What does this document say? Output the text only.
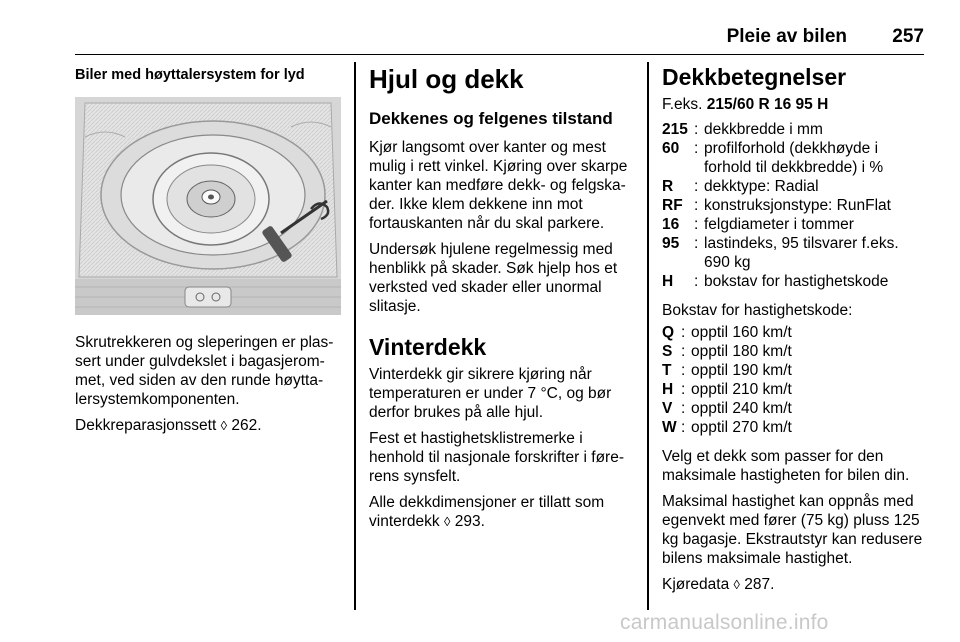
Pleie av bilen 257
Biler med høyttalersystem for lyd

Skrutrekkeren og sleperingen er plas-sert under gulvdekslet i bagasjerom-met, ved siden av den runde høytta-lersystemkomponenten.

Dekkreparasjonssett ◊ 262.

Hjul og dekk
Dekkenes og felgenes tilstand

Kjør langsomt over kanter og mest mulig i rett vinkel. Kjøring over skarpe kanter kan medføre dekk- og felgska-der. Ikke klem dekkene inn mot fortauskanten når du skal parkere.

Undersøk hjulene regelmessig med henblikk på skader. Søk hjelp hos et verksted ved skader eller unormal slitasje.

Vinterdekk

Vinterdekk gir sikrere kjøring når temperaturen er under 7 °C, og bør derfor brukes på alle hjul.

Fest et hastighetsklistremerke i henhold til nasjonale forskrifter i føre-rens synsfelt.

Alle dekkdimensjoner er tillatt som vinterdekk ◊ 293.

Dekkbetegnelser
F.eks. 215/60 R 16 95 H
215	:	dekkbredde i mm
60	:	profilforhold (dekkhøyde i forhold til dekkbredde) i %
R	:	dekktype: Radial
RF	:	konstruksjonstype: RunFlat
16	:	felgdiameter i tommer
95	:	lastindeks, 95 tilsvarer f.eks. 690 kg
H	:	bokstav for hastighetskode

Bokstav for hastighetskode:

Q	:	opptil 160 km/t
S	:	opptil 180 km/t
T	:	opptil 190 km/t
H	:	opptil 210 km/t
V	:	opptil 240 km/t
W	:	opptil 270 km/t

Velg et dekk som passer for den maksimale hastigheten for bilen din.

Maksimal hastighet kan oppnås med egenvekt med fører (75 kg) pluss 125 kg bagasje. Ekstrautstyr kan redusere bilens maksimale hastighet.

Kjøredata ◊ 287.

carmanualsonline.info
